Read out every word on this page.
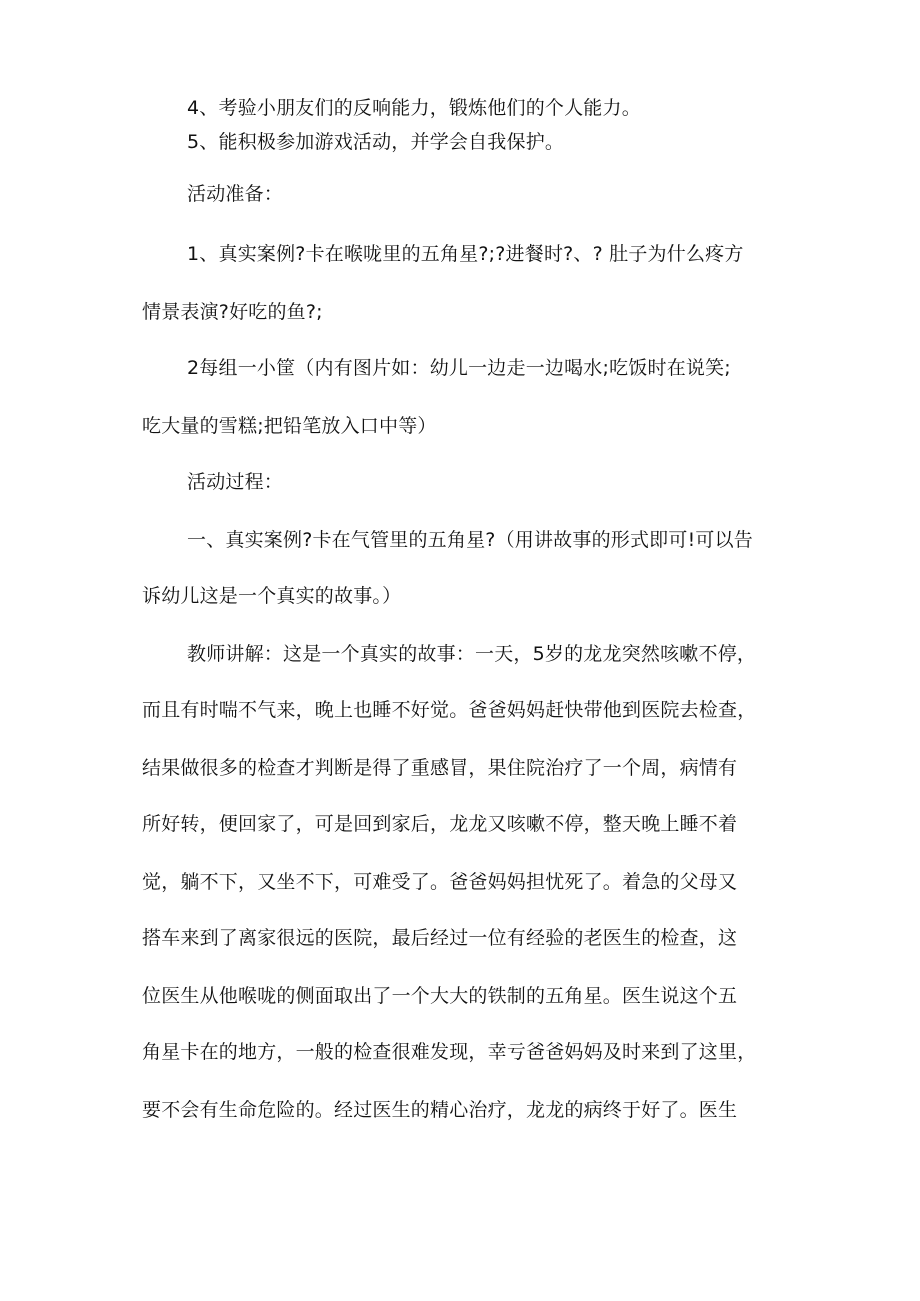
4、考验小朋友们的反响能力，锻炼他们的个人能力。
5、能积极参加游戏活动，并学会自我保护。
活动准备：
1、真实案例?卡在喉咙里的五角星?;?进餐时?、? 肚子为什么疼方
情景表演?好吃的鱼?;
2每组一小筐（内有图片如：幼儿一边走一边喝水;吃饭时在说笑;
吃大量的雪糕;把铅笔放入口中等）
活动过程：
一、真实案例?卡在气管里的五角星?（用讲故事的形式即可!可以告
诉幼儿这是一个真实的故事。）
教师讲解：这是一个真实的故事：一天，5岁的龙龙突然咳嗽不停，
而且有时喘不气来，晚上也睡不好觉。爸爸妈妈赶快带他到医院去检查，
结果做很多的检查才判断是得了重感冒，果住院治疗了一个周，病情有
所好转，便回家了，可是回到家后，龙龙又咳嗽不停，整天晚上睡不着
觉，躺不下，又坐不下，可难受了。爸爸妈妈担忧死了。着急的父母又
搭车来到了离家很远的医院，最后经过一位有经验的老医生的检查，这
位医生从他喉咙的侧面取出了一个大大的铁制的五角星。医生说这个五
角星卡在的地方，一般的检查很难发现，幸亏爸爸妈妈及时来到了这里，
要不会有生命危险的。经过医生的精心治疗，龙龙的病终于好了。医生
